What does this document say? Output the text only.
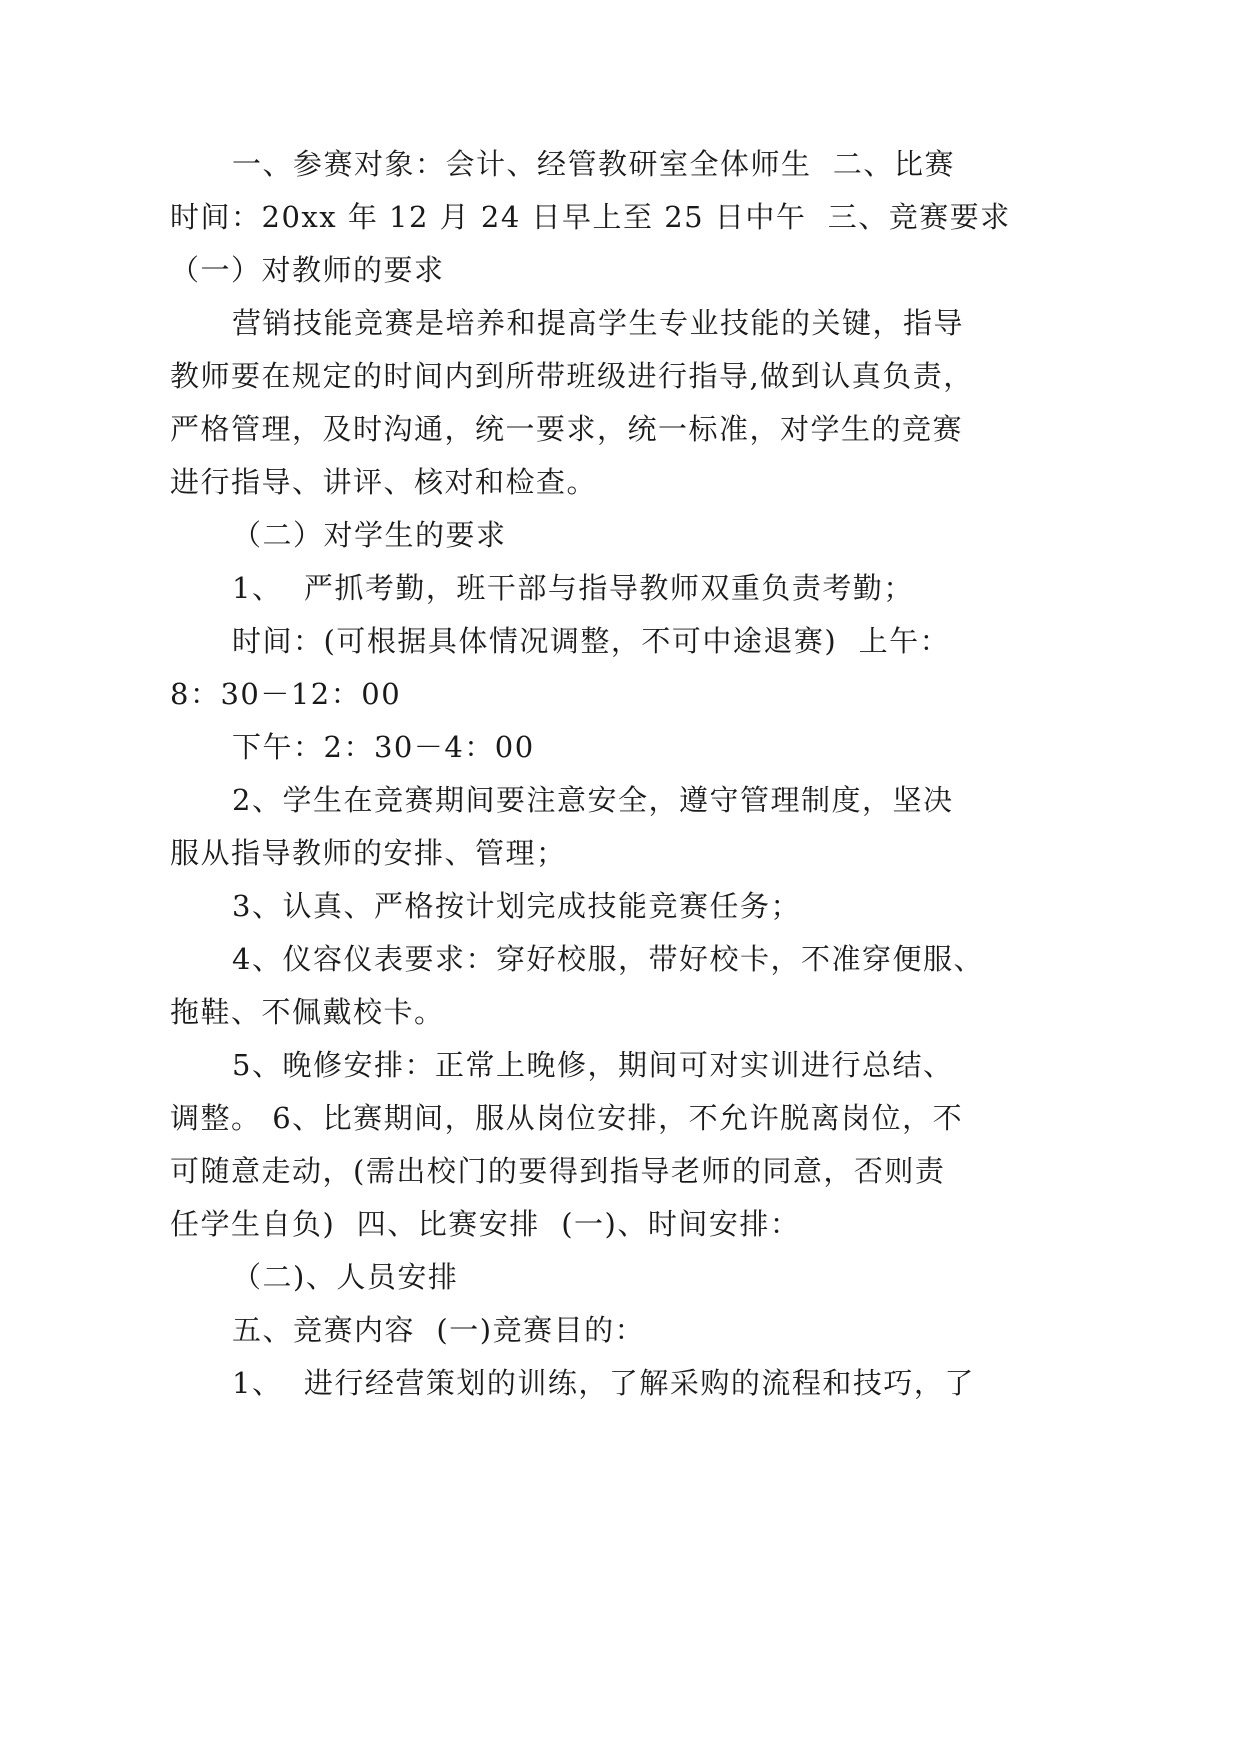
一、参赛对象：会计、经管教研室全体师生  二、比赛

时间：20xx 年 12 月 24 日早上至 25 日中午  三、竞赛要求

（一）对教师的要求

营销技能竞赛是培养和提高学生专业技能的关键，指导

教师要在规定的时间内到所带班级进行指导,做到认真负责，

严格管理，及时沟通，统一要求，统一标准，对学生的竞赛

进行指导、讲评、核对和检查。

（二）对学生的要求

1、  严抓考勤，班干部与指导教师双重负责考勤；

时间：(可根据具体情况调整，不可中途退赛)  上午：

8：30－12：00

下午：2：30－4：00

2、学生在竞赛期间要注意安全，遵守管理制度，坚决

服从指导教师的安排、管理；

3、认真、严格按计划完成技能竞赛任务；

4、仪容仪表要求：穿好校服，带好校卡，不准穿便服、

拖鞋、不佩戴校卡。

5、晚修安排：正常上晚修，期间可对实训进行总结、

调整。 6、比赛期间，服从岗位安排，不允许脱离岗位，不

可随意走动，(需出校门的要得到指导老师的同意，否则责

任学生自负)  四、比赛安排  (一)、时间安排：

（二)、人员安排

五、竞赛内容  (一)竞赛目的：

1、  进行经营策划的训练，了解采购的流程和技巧，了
